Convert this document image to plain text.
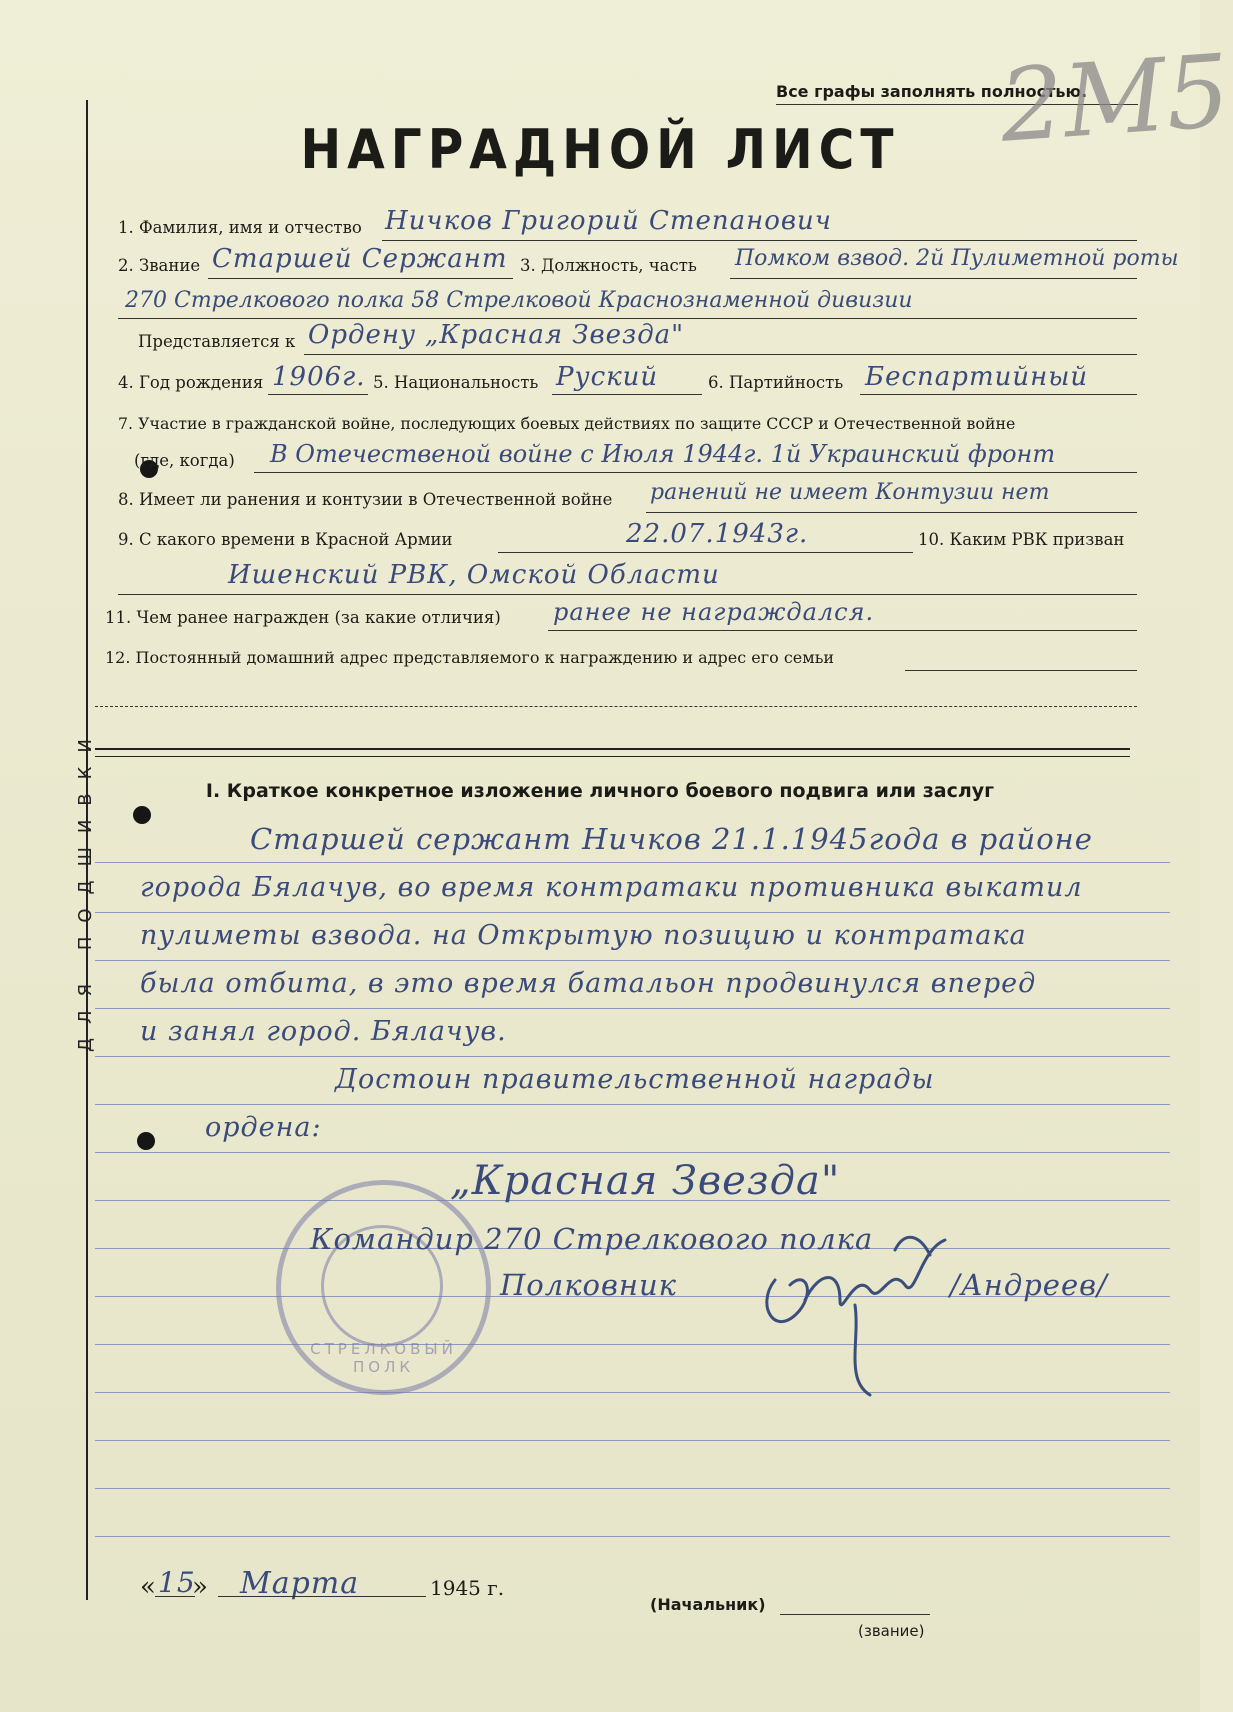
ДЛЯ ПОДШИВКИ
Все графы заполнять полностью.
2М5
НАГРАДНОЙ ЛИСТ
1. Фамилия, имя и отчество Ничков Григорий Степанович
2. Звание Старшей Сержант 3. Должность, часть Помком взвод. 2й Пулиметной роты
270 Стрелкового полка 58 Стрелковой Краснознаменной дивизии
Представляется к Орденy „Красная Звезда"
4. Год рождения 1906г. 5. Национальность Руский	6. Партийность Беспартийный
7. Участие в гражданской войне, последующих боевых действиях по защите СССР и Отечественной войне
(где, когда) В Отечественой войне с Июля 1944г. 1й Украинский фронт
8. Имеет ли ранения и контузии в Отечественной войне ранений не имеет Контузии нет
9. С какого времени в Красной Армии	22.07.1943г.	10. Каким РВК призван
Ишенский РВК, Омской Области
11. Чем ранее награжден (за какие отличия) ранее не награждался.
12. Постоянный домашний адрес представляемого к награждению и адрес его семьи
I. Краткое конкретное изложение личного боевого подвига или заслуг
Старшей сержант Ничков 21.1.1945года в районе
города Бялачув, во время контратаки противника выкатил
пулиметы взвода. на Открытую позицию и контратака
была отбита, в это время батальон продвинулся вперед
и занял город. Бялачув.
Достоин правительственной награды
ордена:
„Красная Звезда"
СТРЕЛКОВЫЙ ПОЛК
Командир 270 Стрелкового полка
Полковник	/Андреев/
(Начальник)
(звание)
« 15
» Марта	1945 г.
